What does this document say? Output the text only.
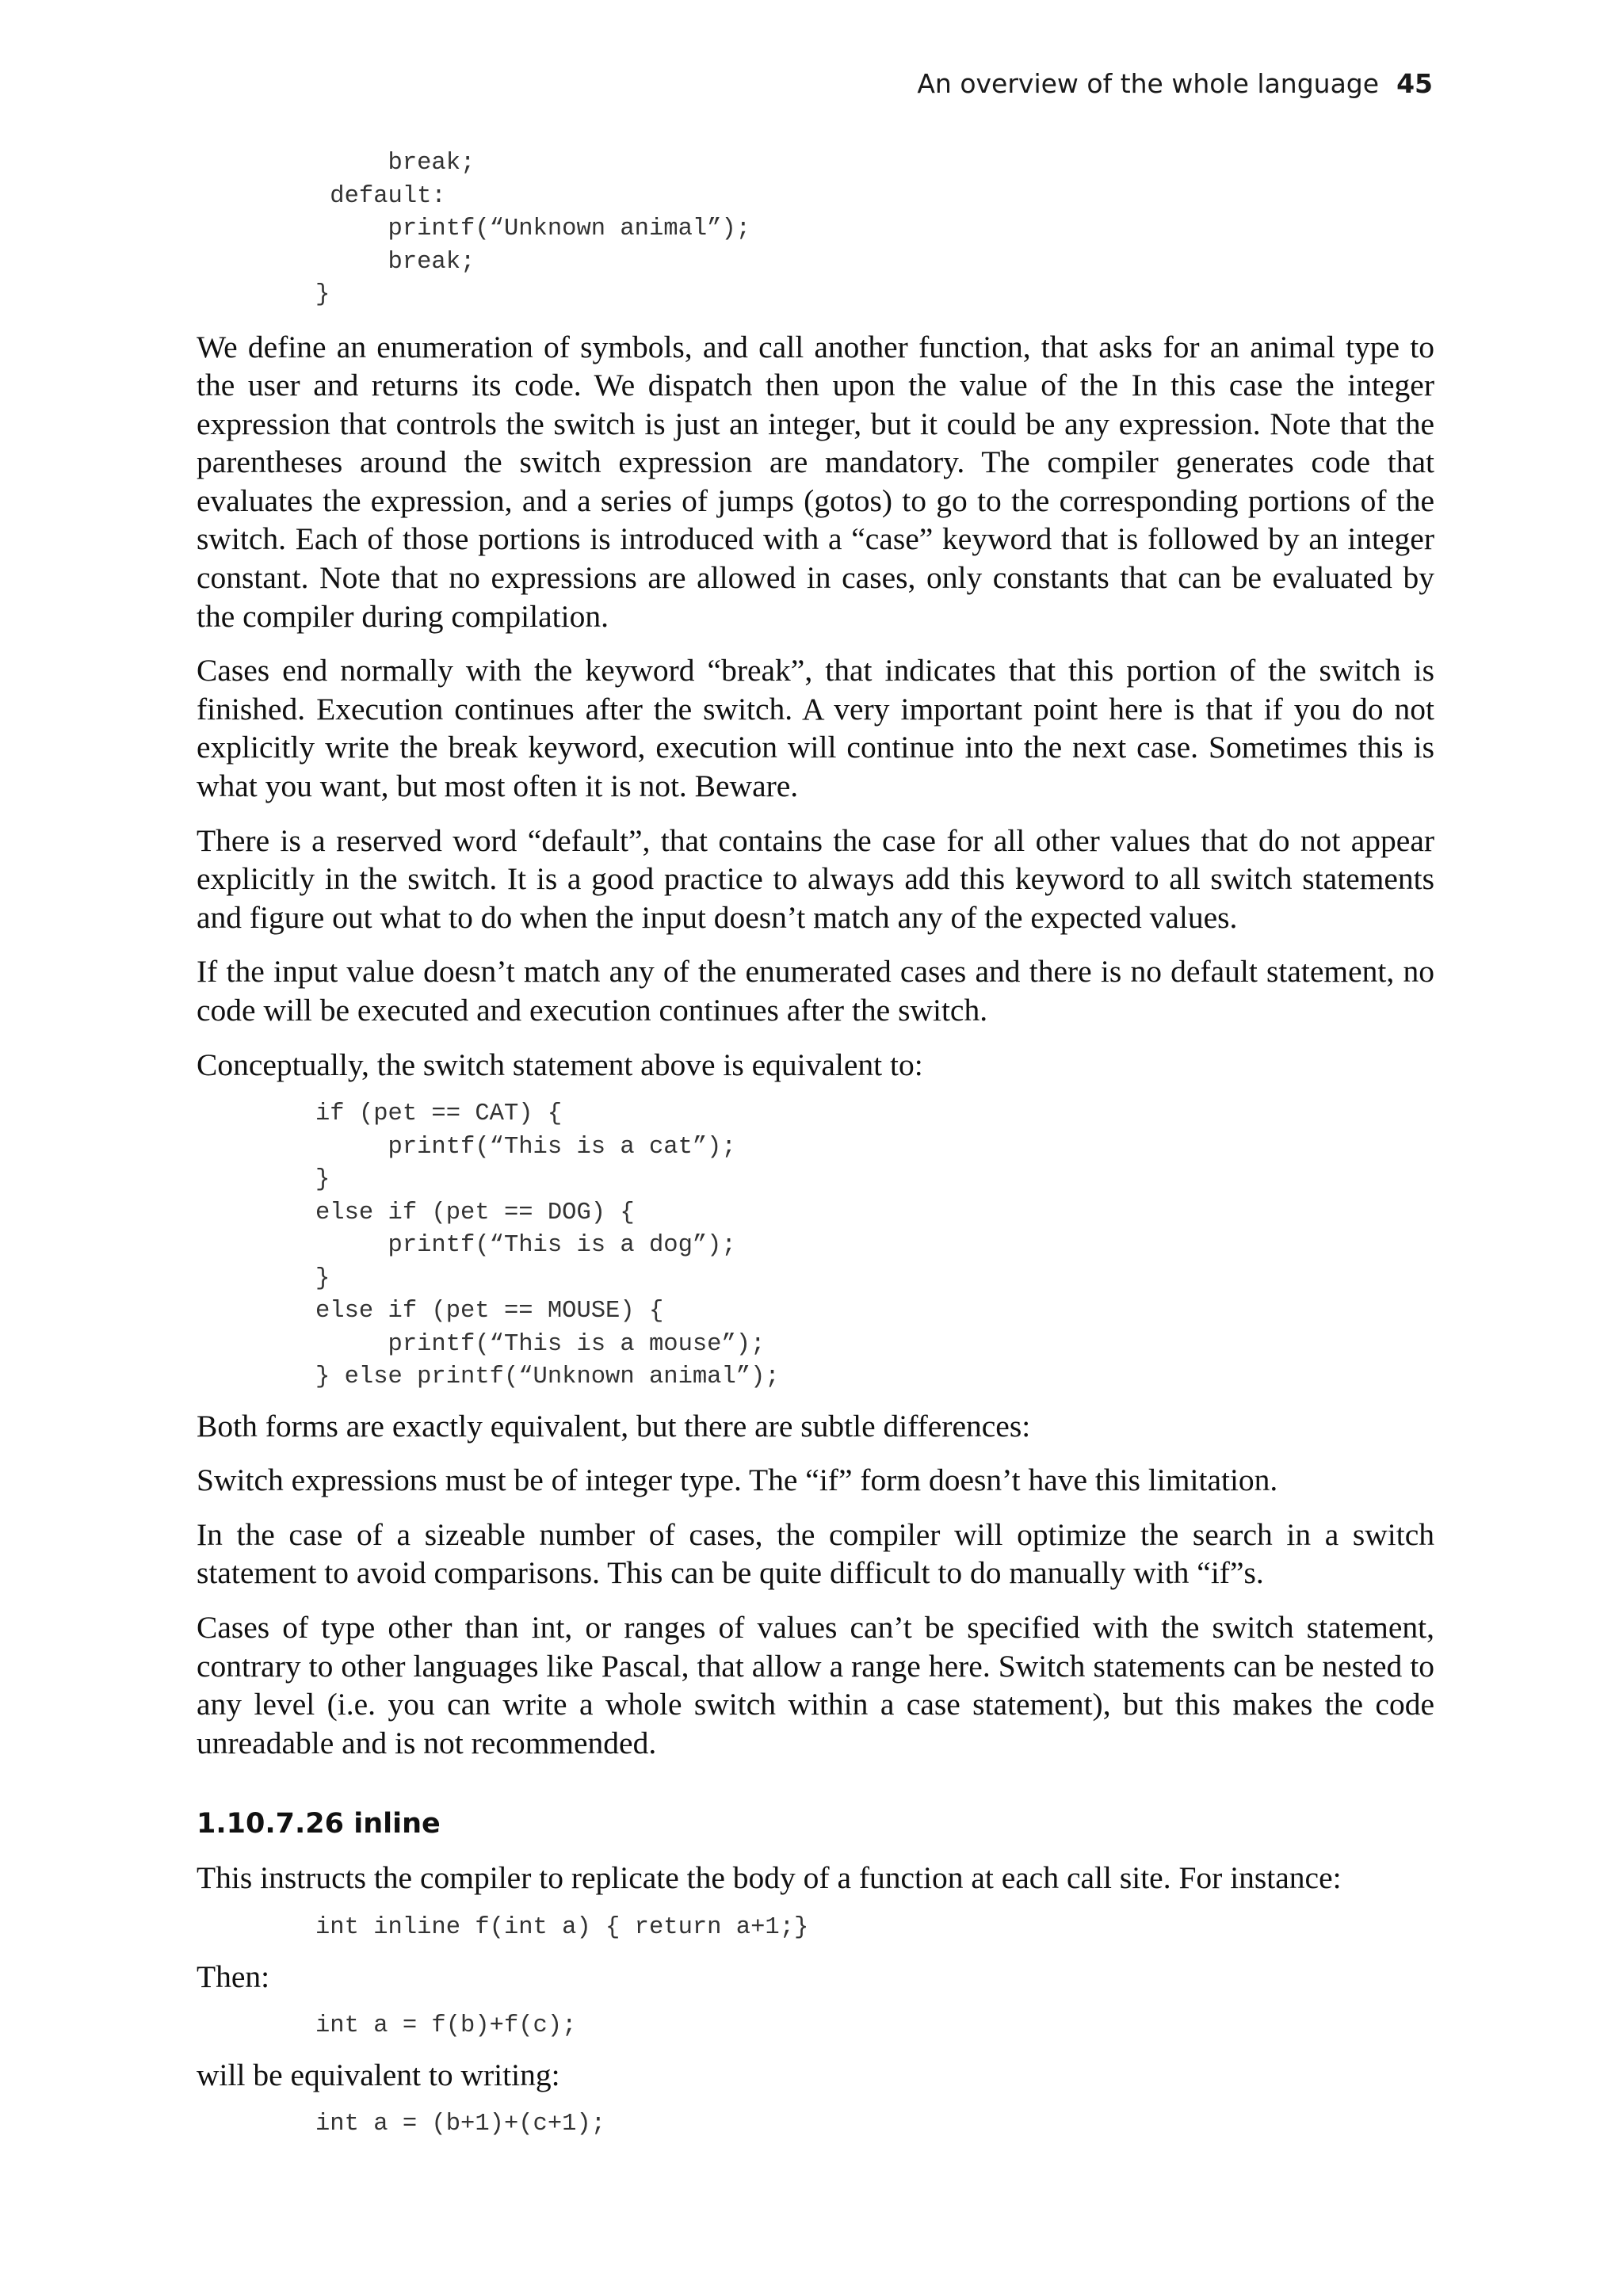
An overview of the whole language 45
break;
default:
printf(“Unknown animal”);
break;
}

We define an enumeration of symbols, and call another function, that asks for an animal type to the user and returns its code. We dispatch then upon the value of the In this case the integer expression that controls the switch is just an integer, but it could be any expression. Note that the parentheses around the switch expression are mandatory. The compiler generates code that evaluates the expression, and a series of jumps (gotos) to go to the corresponding portions of the switch. Each of those portions is introduced with a “case” keyword that is followed by an integer constant. Note that no expressions are allowed in cases, only constants that can be evaluated by the compiler during compilation.

Cases end normally with the keyword “break”, that indicates that this portion of the switch is finished. Execution continues after the switch. A very important point here is that if you do not explicitly write the break keyword, execution will continue into the next case. Sometimes this is what you want, but most often it is not. Beware.

There is a reserved word “default”, that contains the case for all other values that do not appear explicitly in the switch. It is a good practice to always add this keyword to all switch statements and figure out what to do when the input doesn’t match any of the expected values.

If the input value doesn’t match any of the enumerated cases and there is no default statement, no code will be executed and execution continues after the switch.

Conceptually, the switch statement above is equivalent to:

if (pet == CAT) {
printf(“This is a cat”);
}
else if (pet == DOG) {
printf(“This is a dog”);
}
else if (pet == MOUSE) {
printf(“This is a mouse”);
} else printf(“Unknown animal”);

Both forms are exactly equivalent, but there are subtle differences:

Switch expressions must be of integer type. The “if” form doesn’t have this limitation.

In the case of a sizeable number of cases, the compiler will optimize the search in a switch statement to avoid comparisons. This can be quite difficult to do manually with “if”s.

Cases of type other than int, or ranges of values can’t be specified with the switch statement, contrary to other languages like Pascal, that allow a range here. Switch statements can be nested to any level (i.e. you can write a whole switch within a case statement), but this makes the code unreadable and is not recommended.

1.10.7.26 inline

This instructs the compiler to replicate the body of a function at each call site. For instance:

int inline f(int a) { return a+1;}

Then:

int a = f(b)+f(c);

will be equivalent to writing:

int a = (b+1)+(c+1);
